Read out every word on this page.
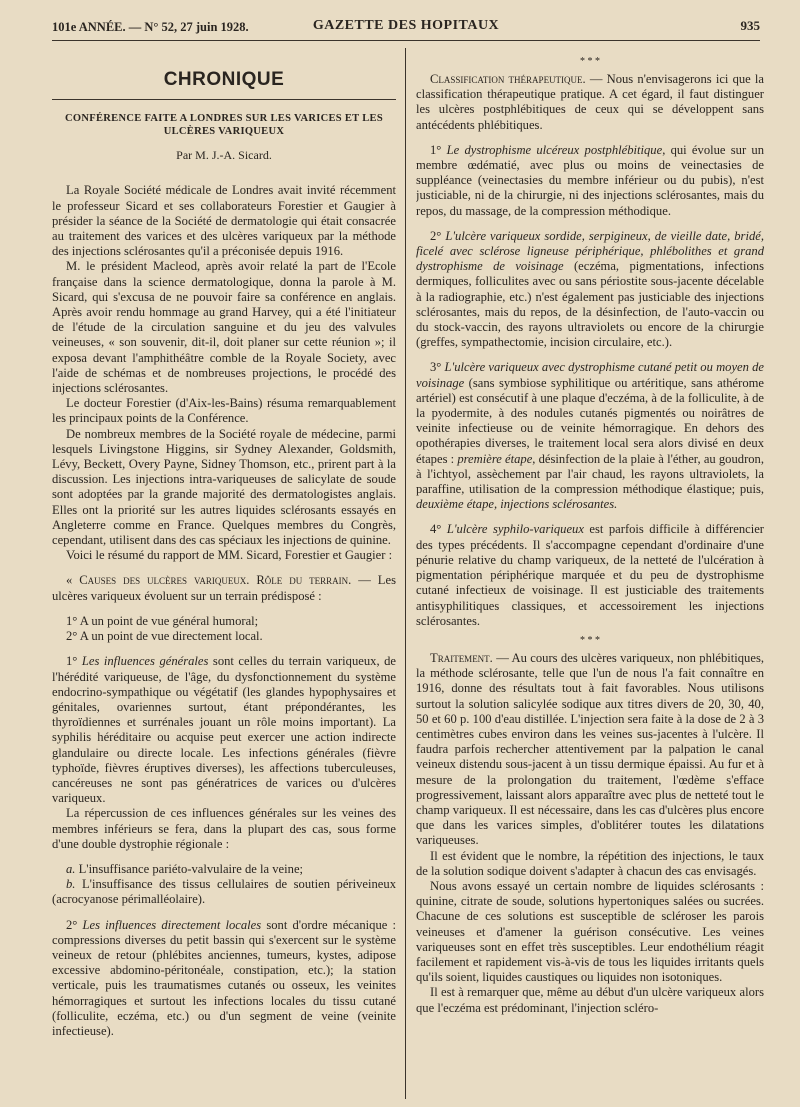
101e ANNÉE. — N° 52, 27 juin 1928.	GAZETTE DES HOPITAUX	935
CHRONIQUE
CONFÉRENCE FAITE A LONDRES SUR LES VARICES ET LES ULCÈRES VARIQUEUX
Par M. J.-A. Sicard.

La Royale Société médicale de Londres avait invité récemment le professeur Sicard et ses collaborateurs Forestier et Gaugier à présider la séance de la Société de dermatologie qui était consacrée au traitement des varices et des ulcères variqueux par la méthode des injections sclérosantes qu'il a préconisée depuis 1916.

M. le président Macleod, après avoir relaté la part de l'Ecole française dans la science dermatologique, donna la parole à M. Sicard, qui s'excusa de ne pouvoir faire sa conférence en anglais. Après avoir rendu hommage au grand Harvey, qui a été l'initiateur de l'étude de la circulation sanguine et du jeu des valvules veineuses, « son souvenir, dit-il, doit planer sur cette réunion »; il exposa devant l'amphithéâtre comble de la Royale Society, avec l'aide de schémas et de nombreuses projections, le procédé des injections sclérosantes.

Le docteur Forestier (d'Aix-les-Bains) résuma remarquablement les principaux points de la Conférence.

De nombreux membres de la Société royale de médecine, parmi lesquels Livingstone Higgins, sir Sydney Alexander, Goldsmith, Lévy, Beckett, Overy Payne, Sidney Thomson, etc., prirent part à la discussion. Les injections intra-variqueuses de salicylate de soude sont adoptées par la grande majorité des dermatologistes anglais. Elles ont la priorité sur les autres liquides sclérosants essayés en Angleterre comme en France. Quelques membres du Congrès, cependant, utilisent dans des cas spéciaux les injections de quinine.

Voici le résumé du rapport de MM. Sicard, Forestier et Gaugier :

« Causes des ulcères variqueux. Rôle du terrain. — Les ulcères variqueux évoluent sur un terrain prédisposé :

1° A un point de vue général humoral;

2° A un point de vue directement local.

1° Les influences générales sont celles du terrain variqueux, de l'hérédité variqueuse, de l'âge, du dysfonctionnement du système endocrino-sympathique ou végétatif (les glandes hypophysaires et génitales, ovariennes surtout, étant prépondérantes, les thyroïdiennes et surrénales jouant un rôle moins important). La syphilis héréditaire ou acquise peut exercer une action indirecte glandulaire ou directe locale. Les infections générales (fièvre typhoïde, fièvres éruptives diverses), les affections tuberculeuses, cancéreuses ne sont pas génératrices de varices ou d'ulcères variqueux.

La répercussion de ces influences générales sur les veines des membres inférieurs se fera, dans la plupart des cas, sous forme d'une double dystrophie régionale :

a. L'insuffisance pariéto-valvulaire de la veine;

b. L'insuffisance des tissus cellulaires de soutien périveineux (acrocyanose périmalléolaire).

2° Les influences directement locales sont d'ordre mécanique : compressions diverses du petit bassin qui s'exercent sur le système veineux de retour (phlébites anciennes, tumeurs, kystes, adipose excessive abdomino-péritonéale, constipation, etc.); la station verticale, puis les traumatismes cutanés ou osseux, les veinites hémorragiques et surtout les infections locales du tissu cutané (folliculite, eczéma, etc.) ou d'un segment de veine (veinite infectieuse).

* * *

Classification thérapeutique. — Nous n'envisagerons ici que la classification thérapeutique pratique. A cet égard, il faut distinguer les ulcères postphlébitiques de ceux qui se développent sans antécédents phlébitiques.

1° Le dystrophisme ulcéreux postphlébitique, qui évolue sur un membre œdématié, avec plus ou moins de veinectasies de suppléance (veinectasies du membre inférieur ou du pubis), n'est justiciable, ni de la chirurgie, ni des injections sclérosantes, mais du repos, du massage, de la compression méthodique.

2° L'ulcère variqueux sordide, serpigineux, de vieille date, bridé, ficelé avec sclérose ligneuse périphérique, phlébolithes et grand dystrophisme de voisinage (eczéma, pigmentations, infections dermiques, folliculites avec ou sans périostite sous-jacente décelable à la radiographie, etc.) n'est également pas justiciable des injections sclérosantes, mais du repos, de la désinfection, de l'auto-vaccin ou du stock-vaccin, des rayons ultraviolets ou encore de la chirurgie (greffes, sympathectomie, incision circulaire, etc.).

3° L'ulcère variqueux avec dystrophisme cutané petit ou moyen de voisinage (sans symbiose syphilitique ou artéritique, sans athérome artériel) est consécutif à une plaque d'eczéma, à de la folliculite, à de la pyodermite, à des nodules cutanés pigmentés ou noirâtres de veinite infectieuse ou de veinite hémorragique. En dehors des opothérapies diverses, le traitement local sera alors divisé en deux étapes : première étape, désinfection de la plaie à l'éther, au goudron, à l'ichtyol, assèchement par l'air chaud, les rayons ultraviolets, la paraffine, utilisation de la compression méthodique élastique; puis, deuxième étape, injections sclérosantes.

4° L'ulcère syphilo-variqueux est parfois difficile à différencier des types précédents. Il s'accompagne cependant d'ordinaire d'une pénurie relative du champ variqueux, de la netteté de l'ulcération à pigmentation périphérique marquée et du peu de dystrophisme cutané infectieux de voisinage. Il est justiciable des traitements antisyphilitiques classiques, et accessoirement les injections sclérosantes.

* * *

Traitement. — Au cours des ulcères variqueux, non phlébitiques, la méthode sclérosante, telle que l'un de nous l'a fait connaître en 1916, donne des résultats tout à fait favorables. Nous utilisons surtout la solution salicylée sodique aux titres divers de 20, 30, 40, 50 et 60 p. 100 d'eau distillée. L'injection sera faite à la dose de 2 à 3 centimètres cubes environ dans les veines sus-jacentes à l'ulcère. Il faudra parfois rechercher attentivement par la palpation le canal veineux distendu sous-jacent à un tissu dermique épaissi. Au fur et à mesure de la prolongation du traitement, l'œdème s'efface progressivement, laissant alors apparaître avec plus de netteté tout le champ variqueux. Il est nécessaire, dans les cas d'ulcères plus encore que dans les varices simples, d'oblitérer toutes les dilatations variqueuses.

Il est évident que le nombre, la répétition des injections, le taux de la solution sodique doivent s'adapter à chacun des cas envisagés.

Nous avons essayé un certain nombre de liquides sclérosants : quinine, citrate de soude, solutions hypertoniques salées ou sucrées. Chacune de ces solutions est susceptible de scléroser les parois veineuses et d'amener la guérison consécutive. Les veines variqueuses sont en effet très susceptibles. Leur endothélium réagit facilement et rapidement vis-à-vis de tous les liquides irritants quels qu'ils soient, liquides caustiques ou liquides non isotoniques.

Il est à remarquer que, même au début d'un ulcère variqueux alors que l'eczéma est prédominant, l'injection scléro-
